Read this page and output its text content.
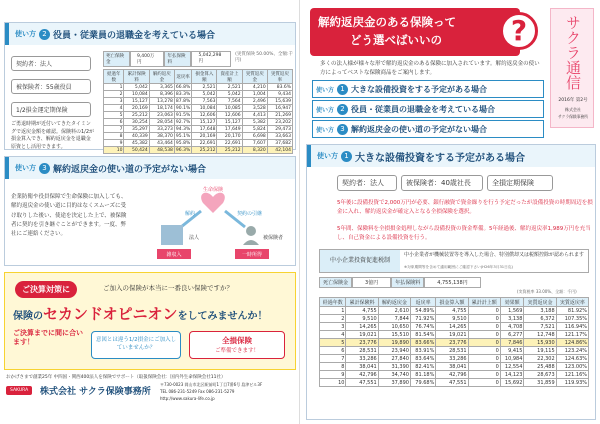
使い方 2 役員・従業員の退職金を考えている場合
契約者：法人 被保険者：55歳役員 1/2損金運定期保険
ご勇退時期が近付いてきたタイミングで返戻金額を確認。保険料の1/2が損金算入でき、解約返戻金を退職金原資とし活用できます。
死亡保険金
9,400万円
年払保険料
5,042,298円
(実質保険 50.00%、全額:千円)
経過年数	累計保険料	解約返戻金	返戻率	損金算入額	資産計上額	実質返戻金	実質返戻率
1	5,042	3,365	66.8%	2,521	2,521	4,210	83.6%
2	10,084	8,396	83.3%	5,042	5,042	1,004	9,434
3	15,127	13,278	87.8%	7,563	7,564	2,496	15,639
4	20,169	18,174	90.1%	10,084	10,085	3,528	16,947
5	25,212	23,063	91.5%	12,606	12,606	4,413	21,269
6	30,254	28,054	92.7%	15,127	15,127	5,382	23,202
7	35,297	33,273	94.3%	17,648	17,649	5,824	29,473
8	40,339	38,370	95.1%	20,169	20,170	6,698	33,663
9	45,382	43,464	95.8%	22,691	22,691	7,607	37,682
10	50,424	48,538	96.3%	25,212	25,212	8,320	42,104
使い方 3 解約返戻金の使い道の予定がない場合
企業防衛や役員保障で生命保険に加入しても、解約返戻金の使い道に目的はなくスムーズに受け取りした後い、使途を決定した上で、被保険者に契約を引き継ぐことができます。一度、弊社にご連絡ください。
生命保険
解約	契約の引継
法人	被保険者
雑収入	一時所得
ご決算対策に	ご加入の保険が本当に一番良い保険ですか？
保険のセカンドオピニオンをしてみませんか！
ご決算までに間に合います！	意図とは違う1/2損金にご加入していませんか？
全損保険
ご準備できます！
おかげさまで創業25年 中四国・関西400法人を保険でサポート（取扱保険会社：国内外生命保険会社11社）
SAKURA	株式会社 サクラ保険事務所
〒730-0023 岡山市北区駅前町1丁目7番6号 島津ビル3F
TEL 086-231-5249 Fax 086-231-5279
http://www.sakura-life.co.jp
解約返戻金のある保険って
どう選べばいいの	?	サクラ通信
2016年 第2号
株式会社
サクラ保険事務所
多くの法人様が様々な形で解約返戻金のある保険に加入されています。解約返戻金の使い方によってベストな保険商品をご案内します。
使い方 1 大きな設備投資をする予定がある場合
使い方 2 役員・従業員の退職金を考えている場合
使い方 3 解約返戻金の使い道の予定がない場合
使い方 1 大きな設備投資をする予定がある場合
契約者：法人	被保険者：40歳社長	全損定期保険
5年後に設備投資で2,000万円が必要、銀行融資で資金繰りを行う予定だったが設備投資の時期周辺を損金に入れ、解約返戻金が確定入となる全損保険を選択。
5年間、保険料を全損損金処理しながら設備投資の資金準備。5年経過後、解約返戻率1,989万円を充当し、自己資金による設備投資を行う。
中小企業投資促進税制
中小企業者が機械装置等を導入した場合、特別償却又は税額控除が認められます
※対象期間等を含めて適用範囲にご確認下さい(H26年3月31日迄)
死亡保険金	3億円	年払保険料	4,755,138円
(実質税率 33.00%、全額：千円)
経過年数	累計保険料	解約返戻金	返戻率	損金算入額	累計計上額	効果額	実質返戻金	実質返戻率
1	4,755	2,610	54.89%	4,755	0	1,569	3,188	81.92%
2	9,510	7,844	71.92%	9,510	0	3,138	6,372	107.35%
3	14,265	10,650	76.74%	14,265	0	4,708	7,521	116.94%
4	19,021	15,510	81.54%	19,021	0	6,277	12,748	121.17%
5	23,776	19,890	83.66%	23,776	0	7,846	15,930	124.86%
6	28,531	23,940	83.91%	28,531	0	9,415	19,115	123.24%
7	33,286	27,840	83.64%	33,286	0	10,984	22,302	124.63%
8	38,041	31,390	82.41%	38,041	0	12,554	25,488	123.00%
9	42,796	34,740	81.18%	42,796	0	14,123	28,673	121.16%
10	47,551	37,890	79.68%	47,551	0	15,692	31,859	119.93%
